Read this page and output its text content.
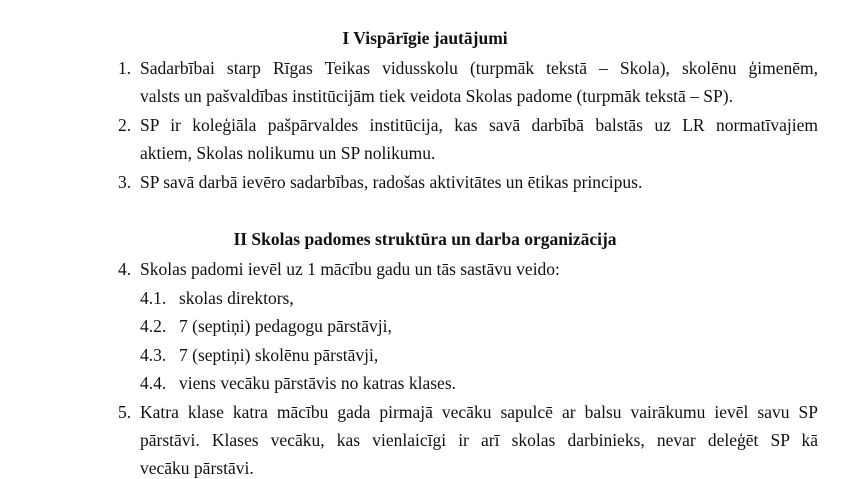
I Vispārīgie jautājumi
1. Sadarbībai starp Rīgas Teikas vidusskolu (turpmāk tekstā – Skola), skolēnu ģimenēm,
valsts un pašvaldības institūcijām tiek veidota Skolas padome (turpmāk tekstā – SP).
2. SP ir koleģiāla pašpārvaldes institūcija, kas savā darbībā balstās uz LR normatīvajiem
aktiem, Skolas nolikumu un SP nolikumu.
3. SP savā darbā ievēro sadarbības, radošas aktivitātes un ētikas principus.
II Skolas padomes struktūra un darba organizācija
4. Skolas padomi ievēl uz 1 mācību gadu un tās sastāvu veido:
4.1. skolas direktors,
4.2. 7 (septiņi) pedagogu pārstāvji,
4.3. 7 (septiņi) skolēnu pārstāvji,
4.4. viens vecāku pārstāvis no katras klases.
5. Katra klase katra mācību gada pirmajā vecāku sapulcē ar balsu vairākumu ievēl savu SP
pārstāvi. Klases vecāku, kas vienlaicīgi ir arī skolas darbinieks, nevar deleģēt SP kā
vecāku pārstāvi.
